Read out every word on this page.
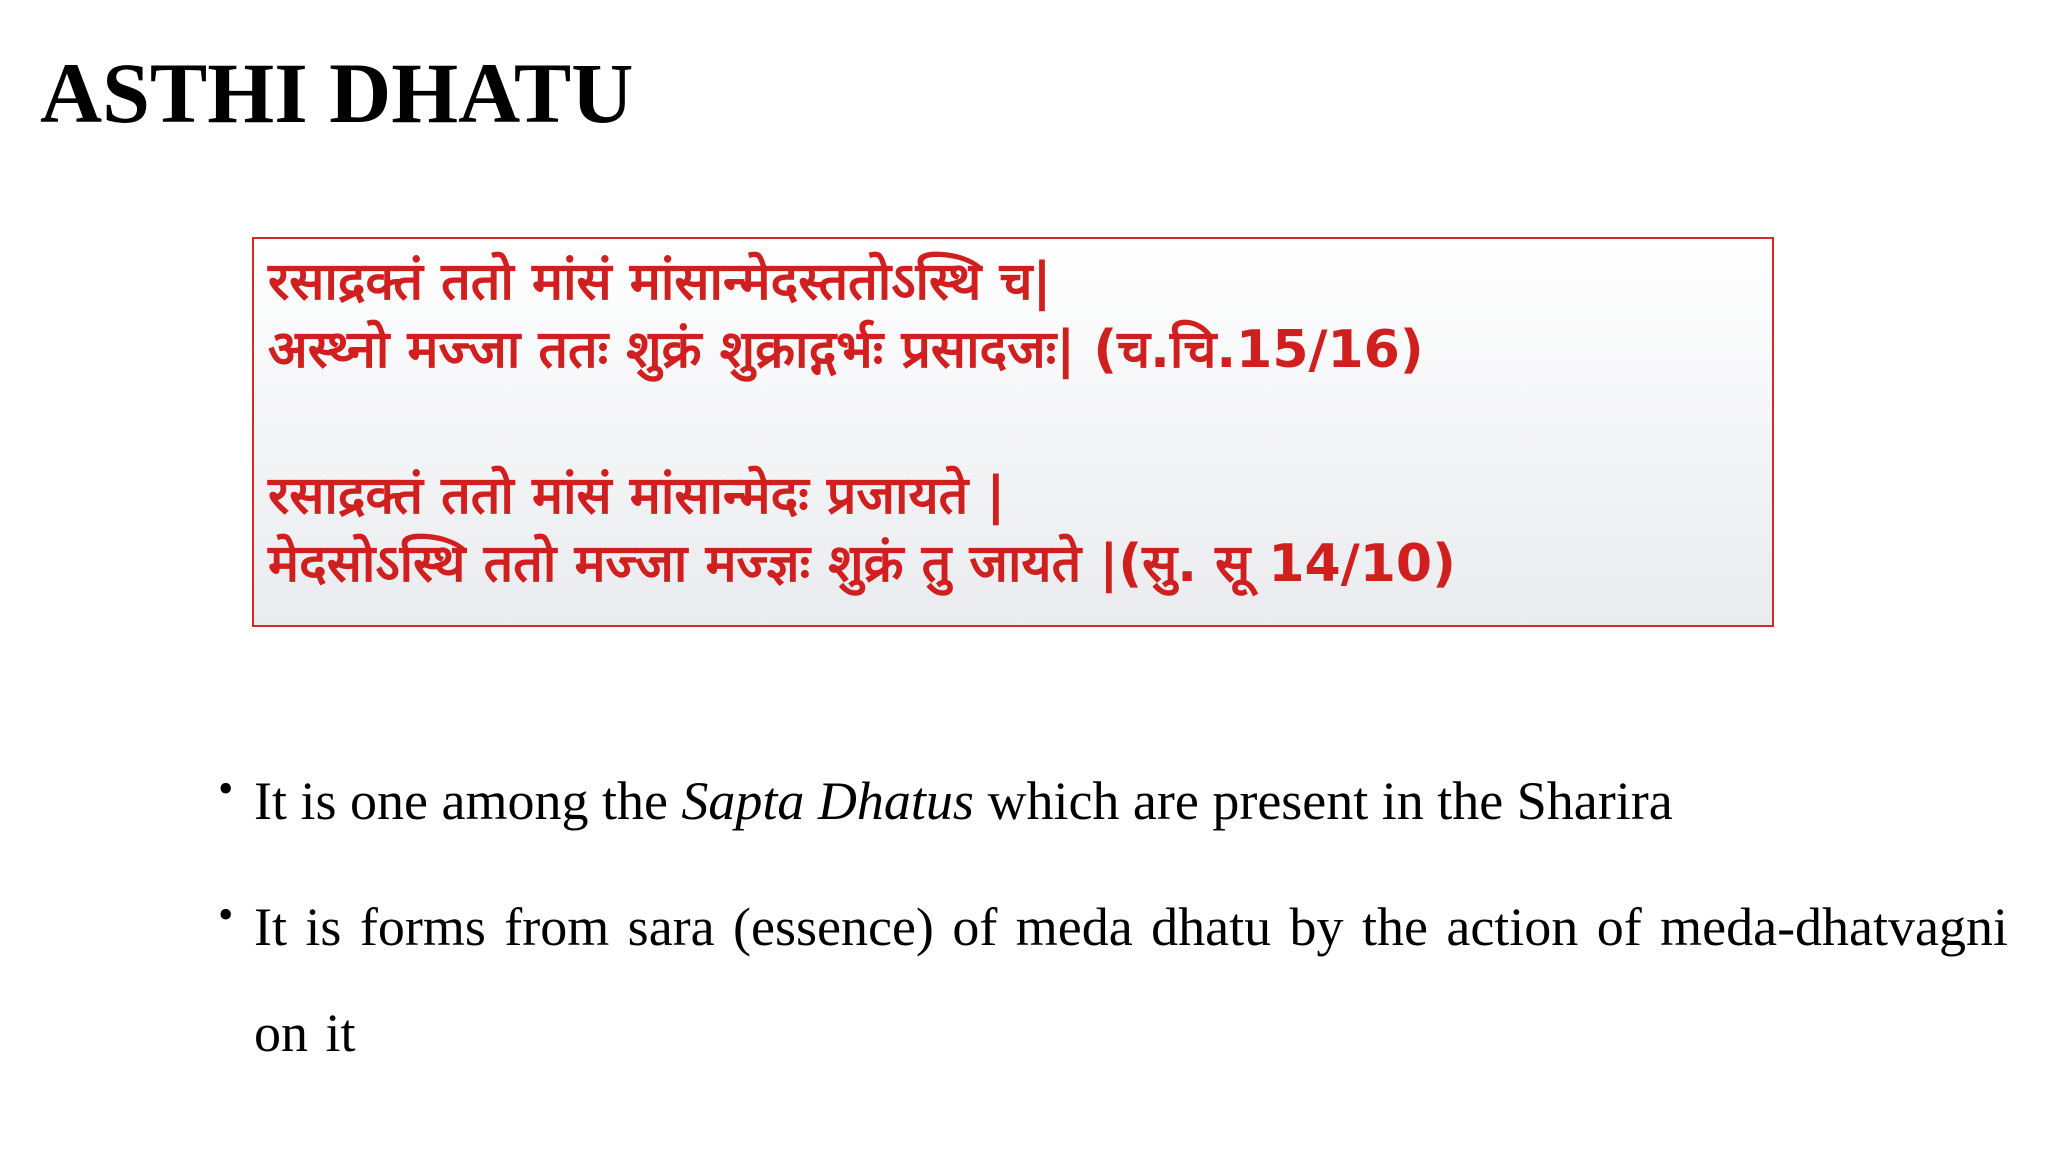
ASTHI DHATU

रसाद्रक्तं ततो मांसं मांसान्मेदस्ततोऽस्थि च|

अस्थ्नो मज्जा ततः शुक्रं शुक्राद्गर्भः प्रसादजः| (च.चि.15/16)

रसाद्रक्तं ततो मांसं मांसान्मेदः प्रजायते |

मेदसोऽस्थि ततो मज्जा मज्ज्ञः शुक्रं तु जायते |(सु. सू 14/10)

• It is one among the Sapta Dhatus which are present in the Sharira
• It is forms from sara (essence) of meda dhatu by the action of meda-dhatvagni on it
